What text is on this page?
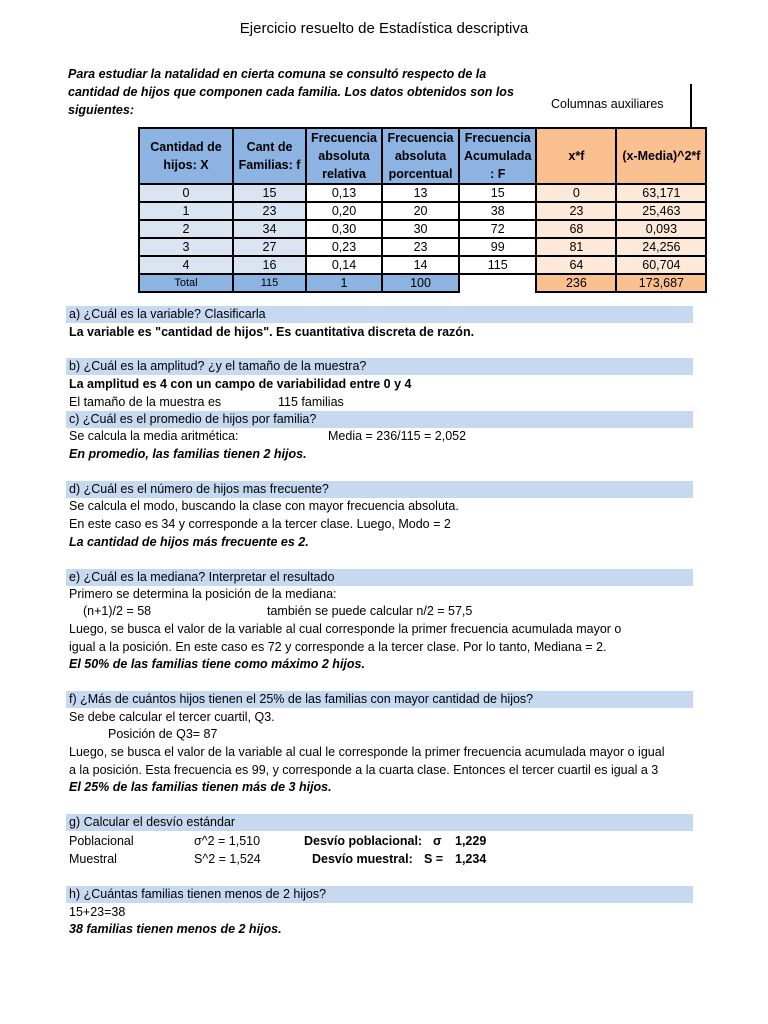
Ejercicio resuelto de Estadística descriptiva
Para estudiar la natalidad en cierta comuna se consultó respecto de la cantidad de hijos que componen cada familia. Los datos obtenidos son los siguientes:	Columnas auxiliares
Cantidad de hijos: X	Cant de Familias: f	Frecuencia absoluta relativa	Frecuencia absoluta porcentual	Frecuencia Acumulada : F	x*f	(x-Media)^2*f
0	15	0,13	13	15	0	63,171
1	23	0,20	20	38	23	25,463
2	34	0,30	30	72	68	0,093
3	27	0,23	23	99	81	24,256
4	16	0,14	14	115	64	60,704
Total	115	1	100		236	173,687
a) ¿Cuál es la variable? Clasificarla
La variable es "cantidad de hijos". Es cuantitativa discreta de razón.
b) ¿Cuál es la amplitud? ¿y el tamaño de la muestra?
La amplitud es 4 con un campo de variabilidad entre 0 y 4
El tamaño de la muestra es	115 familias
c) ¿Cuál es el promedio de hijos por familia?
Se calcula la media aritmética:	Media = 236/115 = 2,052
En promedio, las familias tienen 2 hijos.
d) ¿Cuál es el número de hijos mas frecuente?
Se calcula el modo, buscando la clase con mayor frecuencia absoluta.
En este caso es 34 y corresponde a la tercer clase. Luego, Modo = 2
La cantidad de hijos más frecuente es 2.
e) ¿Cuál es la mediana? Interpretar el resultado
Primero se determina la posición de la mediana:
(n+1)/2 = 58	también se puede calcular n/2 = 57,5
Luego, se busca el valor de la variable al cual corresponde la primer frecuencia acumulada mayor o
igual a la posición. En este caso es 72 y corresponde a la tercer clase. Por lo tanto, Mediana = 2.
El 50% de las familias tiene como máximo 2 hijos.
f) ¿Más de cuántos hijos tienen el 25% de las familias con mayor cantidad de hijos?
Se debe calcular el tercer cuartil, Q3.
Posición de Q3= 87
Luego, se busca el valor de la variable al cual le corresponde la primer frecuencia acumulada mayor o igual
a la posición. Esta frecuencia es 99, y corresponde a la cuarta clase. Entonces el tercer cuartil es igual a 3
El 25% de las familias tienen más de 3 hijos.
g) Calcular el desvío estándar
Poblacional	σ^2 = 1,510	Desvío poblacional: σ 1,229
Muestral	S^2 = 1,524	Desvío muestral: S = 1,234
h) ¿Cuántas familias tienen menos de 2 hijos?
15+23=38
38 familias tienen menos de 2 hijos.
